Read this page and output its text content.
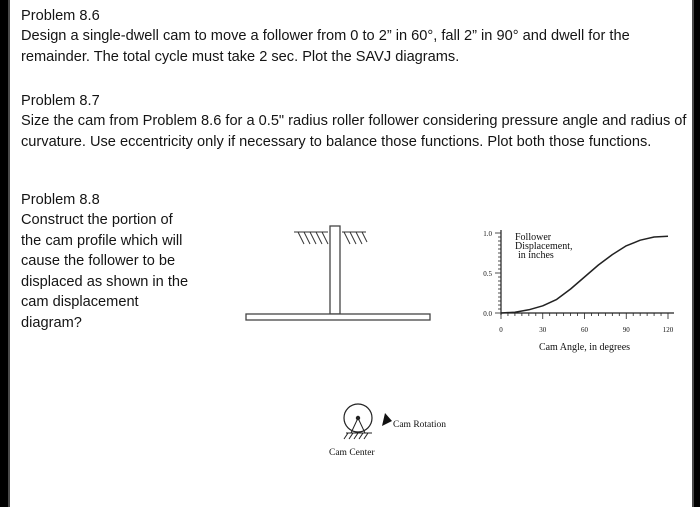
Problem 8.6

Design a single-dwell cam to move a follower from 0 to 2” in 60°, fall 2” in 90° and dwell for the remainder. The total cycle must take 2 sec. Plot the SAVJ diagrams.

Problem 8.7

Size the cam from Problem 8.6 for a 0.5" radius roller follower considering pressure angle and radius of curvature. Use eccentricity only if necessary to balance those functions. Plot both those functions.

Problem 8.8

Construct the portion of the cam profile which will cause the follower to be displaced as shown in the cam displacement diagram?

Cam Rotation
Cam Center
0.0
0.5
1.0
0	30	60	90	120
Cam Angle, in degrees
Follower
Displacement,
in inches
